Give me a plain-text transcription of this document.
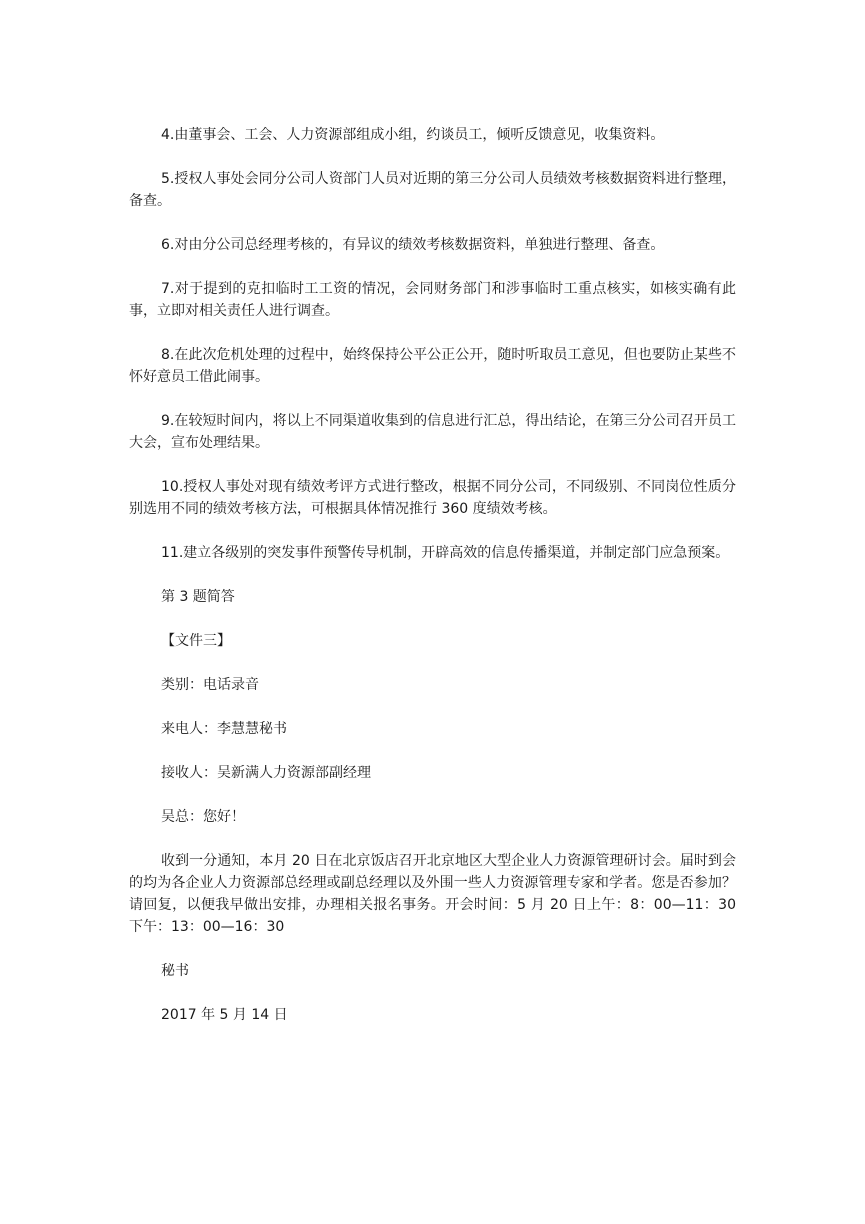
4.由董事会、工会、人力资源部组成小组，约谈员工，倾听反馈意见，收集资料。

5.授权人事处会同分公司人资部门人员对近期的第三分公司人员绩效考核数据资料进行整理，备查。

6.对由分公司总经理考核的，有异议的绩效考核数据资料，单独进行整理、备查。

7.对于提到的克扣临时工工资的情况，会同财务部门和涉事临时工重点核实，如核实确有此事，立即对相关责任人进行调查。

8.在此次危机处理的过程中，始终保持公平公正公开，随时听取员工意见，但也要防止某些不怀好意员工借此闹事。

9.在较短时间内，将以上不同渠道收集到的信息进行汇总，得出结论，在第三分公司召开员工大会，宣布处理结果。

10.授权人事处对现有绩效考评方式进行整改，根据不同分公司，不同级别、不同岗位性质分别选用不同的绩效考核方法，可根据具体情况推行 360 度绩效考核。

11.建立各级别的突发事件预警传导机制，开辟高效的信息传播渠道，并制定部门应急预案。

第 3 题简答

【文件三】

类别：电话录音

来电人：李慧慧秘书

接收人：吴新满人力资源部副经理

吴总：您好！

收到一分通知，本月 20 日在北京饭店召开北京地区大型企业人力资源管理研讨会。届时到会的均为各企业人力资源部总经理或副总经理以及外围一些人力资源管理专家和学者。您是否参加？请回复，以便我早做出安排，办理相关报名事务。开会时间：5 月 20 日上午：8：00—11：30 下午：13：00—16：30

秘书

2017 年 5 月 14 日
